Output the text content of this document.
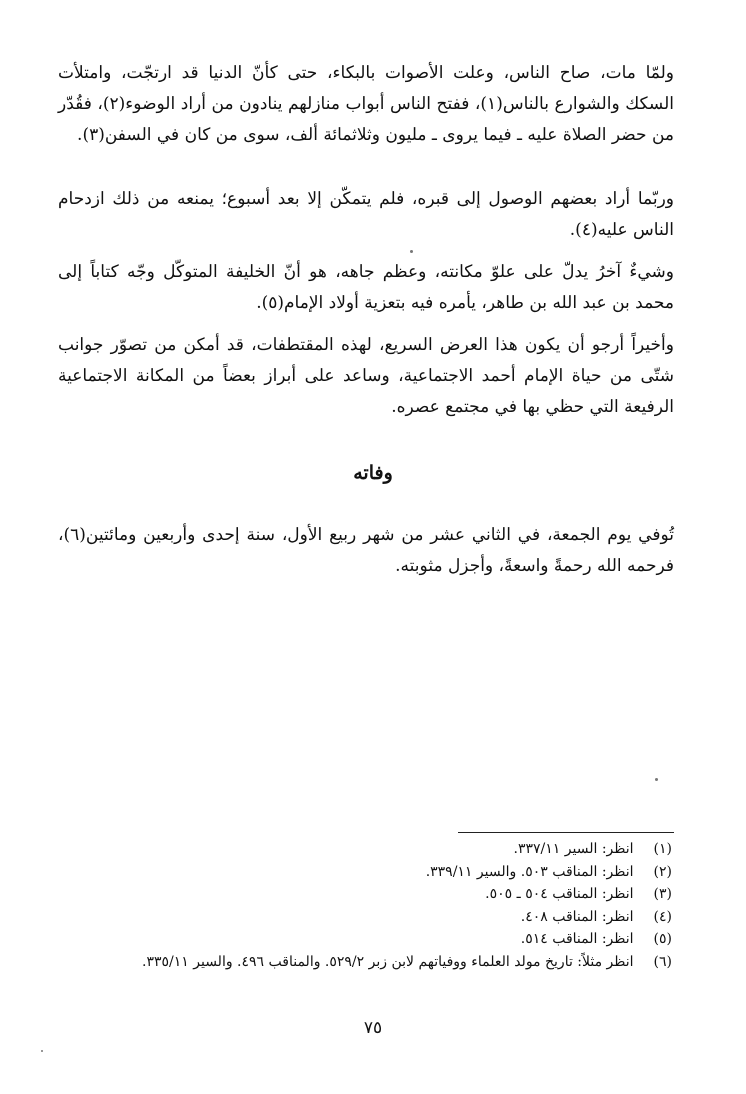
ولمّا مات، صاح الناس، وعلت الأصوات بالبكاء، حتى كأنّ الدنيا قد ارتجّت، وامتلأت السكك والشوارع بالناس(١)، ففتح الناس أبواب منازلهم ينادون من أراد الوضوء(٢)، فقُدّر من حضر الصلاة عليه ـ فيما يروى ـ مليون وثلاثمائة ألف، سوى من كان في السفن(٣).

وربّما أراد بعضهم الوصول إلى قبره، فلم يتمكّن إلا بعد أسبوع؛ يمنعه من ذلك ازدحام الناس عليه(٤).

وشيءٌ آخرُ يدلّ على علوّ مكانته، وعظم جاهه، هو أنّ الخليفة المتوكّل وجّه كتاباً إلى محمد بن عبد الله بن طاهر، يأمره فيه بتعزية أولاد الإمام(٥).

وأخيراً أرجو أن يكون هذا العرض السريع، لهذه المقتطفات، قد أمكن من تصوّر جوانب شتّى من حياة الإمام أحمد الاجتماعية، وساعد على أبراز بعضاً من المكانة الاجتماعية الرفيعة التي حظي بها في مجتمع عصره.

وفاته

تُوفي يوم الجمعة، في الثاني عشر من شهر ربيع الأول، سنة إحدى وأربعين ومائتين(٦)، فرحمه الله رحمةً واسعةً، وأجزل مثوبته.

(١) انظر: السير ٣٣٧/١١.
(٢) انظر: المناقب ٥٠٣. والسير ٣٣٩/١١.
(٣) انظر: المناقب ٥٠٤ ـ ٥٠٥.
(٤) انظر: المناقب ٤٠٨.
(٥) انظر: المناقب ٥١٤.
(٦) انظر مثلاً: تاريخ مولد العلماء ووفياتهم لابن زبر ٥٢٩/٢. والمناقب ٤٩٦. والسير ٣٣٥/١١.
٧٥
